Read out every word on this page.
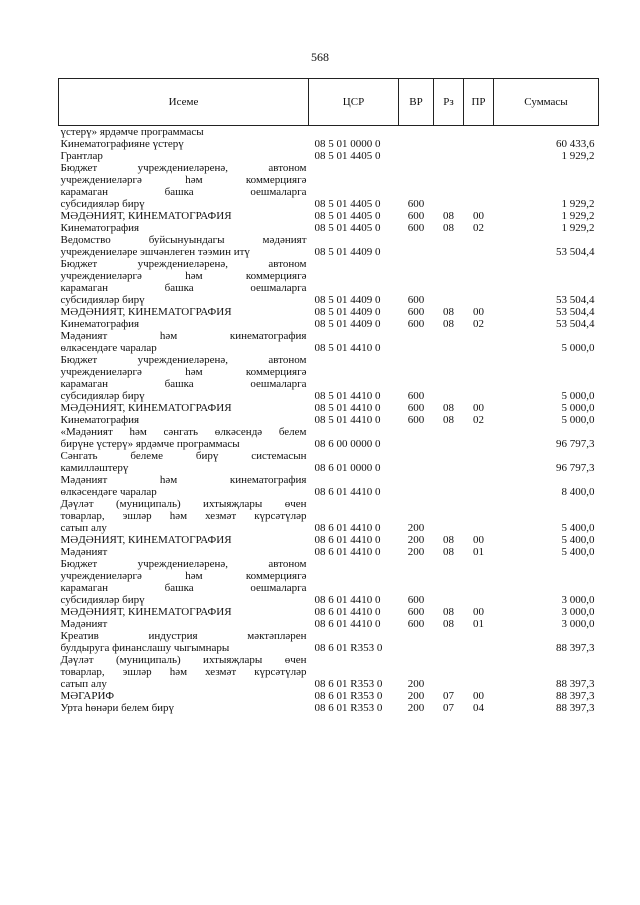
568
Исеме	ЦСР	ВР	Рз	ПР	Суммасы
үстерү» ярдәмче программасы					
Кинематографияне үстерү	08 5 01 0000 0				60 433,6
Грантлар	08 5 01 4405 0				1 929,2
Бюджет учреждениеләренә, автоном					
учреждениеләргә һәм коммерциягә					
карамаган башка оешмаларга					
субсидияләр бирү	08 5 01 4405 0	600			1 929,2
МӘДӘНИЯТ, КИНЕМАТОГРАФИЯ	08 5 01 4405 0	600	08	00	1 929,2
Кинематография	08 5 01 4405 0	600	08	02	1 929,2
Ведомство буйсынуындагы мәдәният					
учреждениеләре эшчәнлеген тәэмин итү	08 5 01 4409 0				53 504,4
Бюджет учреждениеләренә, автоном					
учреждениеләргә һәм коммерциягә					
карамаган башка оешмаларга					
субсидияләр бирү	08 5 01 4409 0	600			53 504,4
МӘДӘНИЯТ, КИНЕМАТОГРАФИЯ	08 5 01 4409 0	600	08	00	53 504,4
Кинематография	08 5 01 4409 0	600	08	02	53 504,4
Мәдәният һәм кинематография					
өлкәсендәге чаралар	08 5 01 4410 0				5 000,0
Бюджет учреждениеләренә, автоном					
учреждениеләргә һәм коммерциягә					
карамаган башка оешмаларга					
субсидияләр бирү	08 5 01 4410 0	600			5 000,0
МӘДӘНИЯТ, КИНЕМАТОГРАФИЯ	08 5 01 4410 0	600	08	00	5 000,0
Кинематография	08 5 01 4410 0	600	08	02	5 000,0
«Мәдәният һәм сәнгать өлкәсендә белем					
бирүне үстерү» ярдәмче программасы	08 6 00 0000 0				96 797,3
Сәнгать белеме бирү системасын					
камилләштерү	08 6 01 0000 0				96 797,3
Мәдәният һәм кинематография					
өлкәсендәге чаралар	08 6 01 4410 0				8 400,0
Дәүләт (муниципаль) ихтыяҗлары өчен					
товарлар, эшләр һәм хезмәт күрсәтүләр					
сатып алу	08 6 01 4410 0	200			5 400,0
МӘДӘНИЯТ, КИНЕМАТОГРАФИЯ	08 6 01 4410 0	200	08	00	5 400,0
Мәдәният	08 6 01 4410 0	200	08	01	5 400,0
Бюджет учреждениеләренә, автоном					
учреждениеләргә һәм коммерциягә					
карамаган башка оешмаларга					
субсидияләр бирү	08 6 01 4410 0	600			3 000,0
МӘДӘНИЯТ, КИНЕМАТОГРАФИЯ	08 6 01 4410 0	600	08	00	3 000,0
Мәдәният	08 6 01 4410 0	600	08	01	3 000,0
Креатив индустрия мәктәпләрен					
булдыруга финанслашу чыгымнары	08 6 01 R353 0				88 397,3
Дәүләт (муниципаль) ихтыяҗлары өчен					
товарлар, эшләр һәм хезмәт күрсәтүләр					
сатып алу	08 6 01 R353 0	200			88 397,3
МӘГАРИФ	08 6 01 R353 0	200	07	00	88 397,3
Урта һөнәри белем бирү	08 6 01 R353 0	200	07	04	88 397,3
